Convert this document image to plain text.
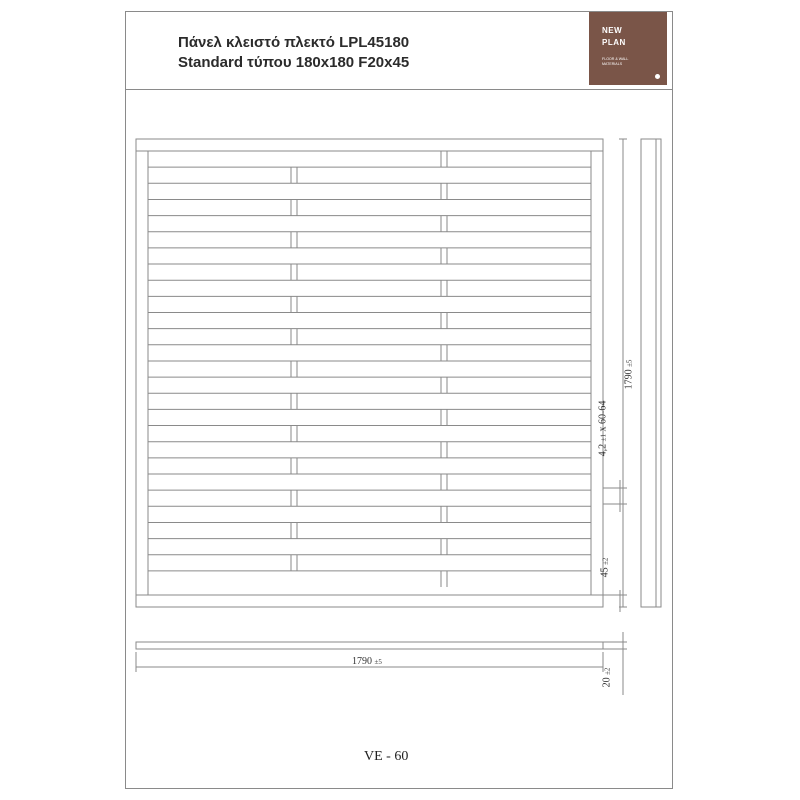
Πάνελ κλειστό πλεκτό LPL45180
Standard τύπου 180x180 F20x45
NEW
PLAN
FLOOR & WALL MATERIALS
1790 ±5
4,2 ±1 x 60-64
45 ±2
1790 ±5
20 ±2
VE - 60
